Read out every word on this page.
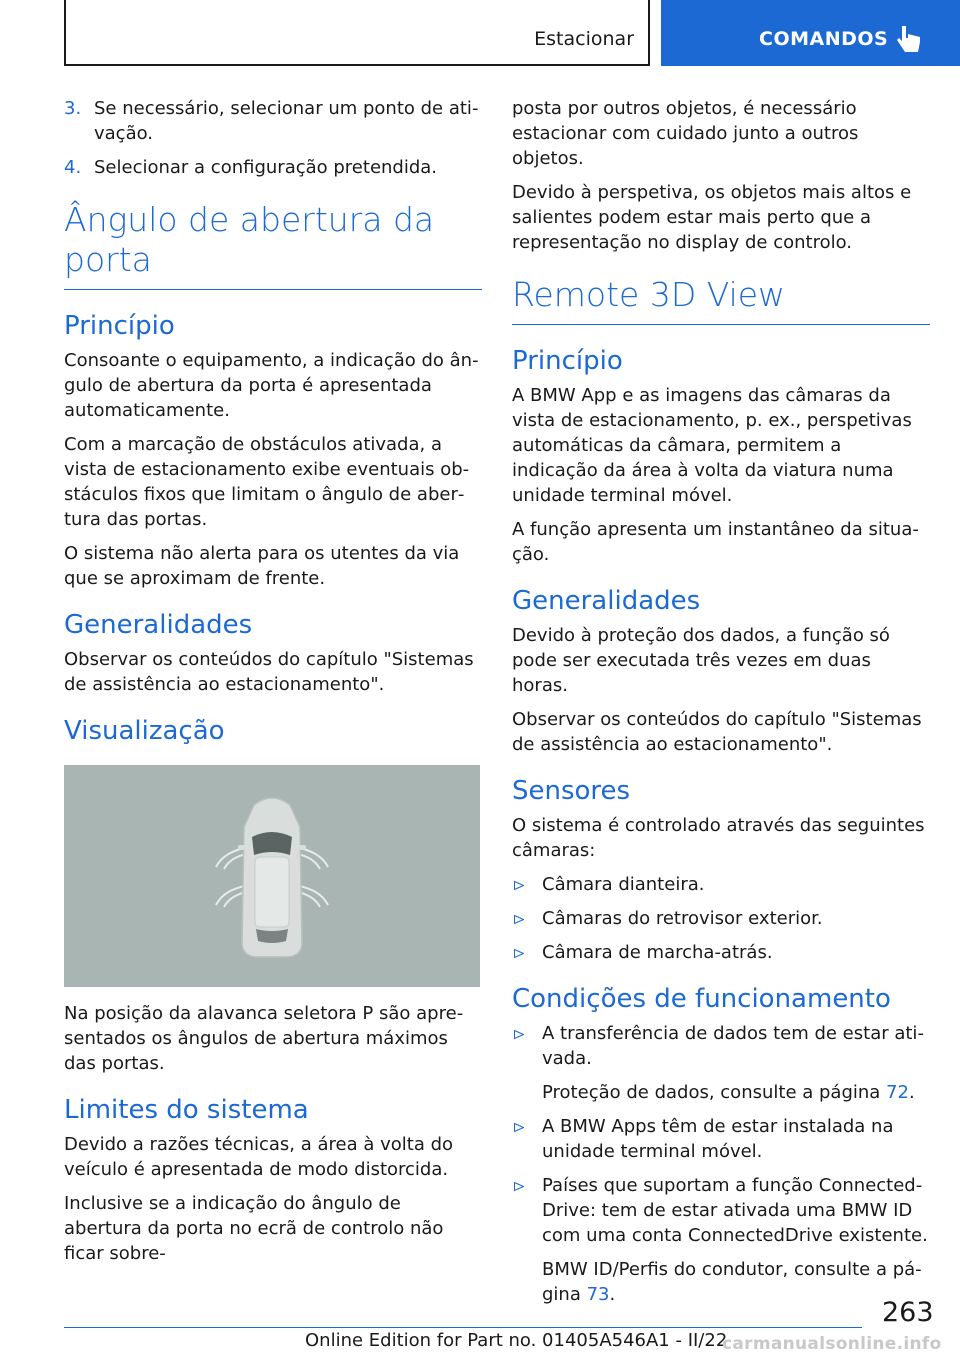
Estacionar	COMANDOS
3. Se necessário, selecionar um ponto de ativação.
4. Selecionar a configuração pretendida.
Ângulo de abertura da porta
Princípio

Consoante o equipamento, a indicação do ângulo de abertura da porta é apresentada automaticamente.

Com a marcação de obstáculos ativada, a vista de estacionamento exibe eventuais obstáculos fixos que limitam o ângulo de abertura das portas.

O sistema não alerta para os utentes da via que se aproximam de frente.

Generalidades

Observar os conteúdos do capítulo "Sistemas de assistência ao estacionamento".

Visualização

Na posição da alavanca seletora P são apresentados os ângulos de abertura máximos das portas.

Limites do sistema

Devido a razões técnicas, a área à volta do veículo é apresentada de modo distorcida.

Inclusive se a indicação do ângulo de abertura da porta no ecrã de controlo não ficar sobre-

posta por outros objetos, é necessário estacionar com cuidado junto a outros objetos.

Devido à perspetiva, os objetos mais altos e salientes podem estar mais perto que a representação no display de controlo.

Remote 3D View
Princípio

A BMW App e as imagens das câmaras da vista de estacionamento, p. ex., perspetivas automáticas da câmara, permitem a indicação da área à volta da viatura numa unidade terminal móvel.

A função apresenta um instantâneo da situação.

Generalidades

Devido à proteção dos dados, a função só pode ser executada três vezes em duas horas.

Observar os conteúdos do capítulo "Sistemas de assistência ao estacionamento".

Sensores

O sistema é controlado através das seguintes câmaras:

Câmara dianteira.
Câmaras do retrovisor exterior.
Câmara de marcha-atrás.
Condições de funcionamento
A transferência de dados tem de estar ativada.
Proteção de dados, consulte a página 72.
A BMW Apps têm de estar instalada na unidade terminal móvel.
Países que suportam a função ConnectedDrive: tem de estar ativada uma BMW ID com uma conta ConnectedDrive existente.
BMW ID/Perfis do condutor, consulte a página 73.
263
Online Edition for Part no. 01405A546A1 - II/22
carmanualsonline.info
